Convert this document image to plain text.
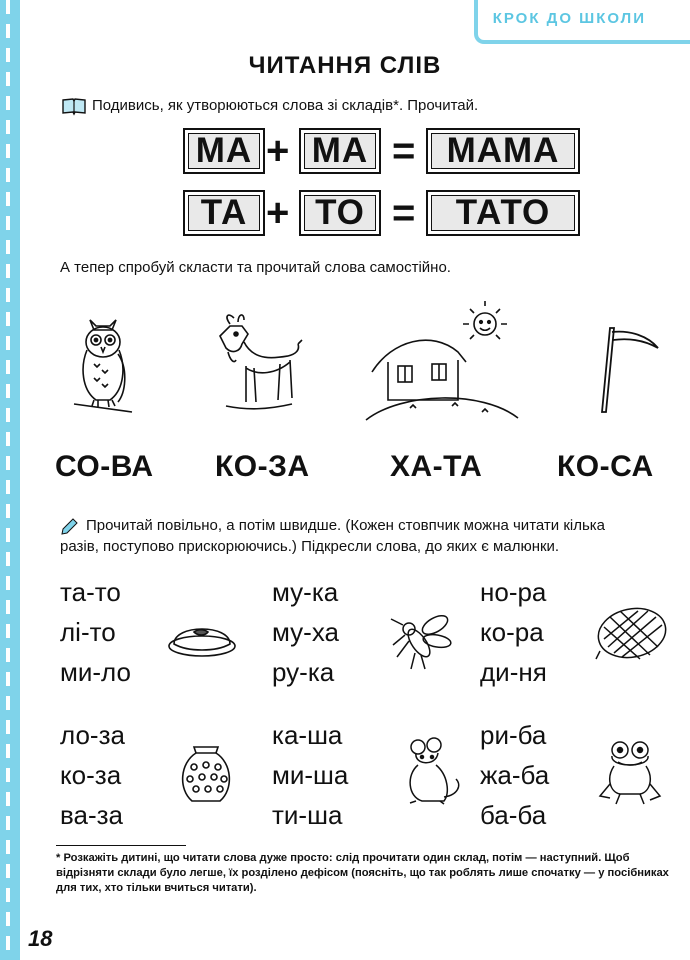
КРОК ДО ШКОЛИ
ЧИТАННЯ СЛІВ
Подивись, як утворюються слова зі складів*. Прочитай.
МА + МА = МАМА
ТА + ТО =	ТАТО
А тепер спробуй скласти та прочитай слова самостійно.
СО-ВА КО-ЗА	ХА-ТА КО-СА
Прочитай повільно, а потім швидше. (Кожен стовпчик можна читати кілька
разів, поступово прискорюючись.) Підкресли слова, до яких є малюнки.
та-то
лі-то
ми-ло
му-ка
му-ха
ру-ка
но-ра
ко-ра
ди-ня
ло-за
ко-за
ва-за
ка-ша
ми-ша
ти-ша
ри-ба
жа-ба
ба-ба
* Розкажіть дитині, що читати слова дуже просто: слід прочитати один склад, потім — наступний. Щоб відрізняти склади було легше, їх розділено дефісом (поясніть, що так роблять лише спочатку — у посібниках для тих, хто тільки вчиться читати).
18
